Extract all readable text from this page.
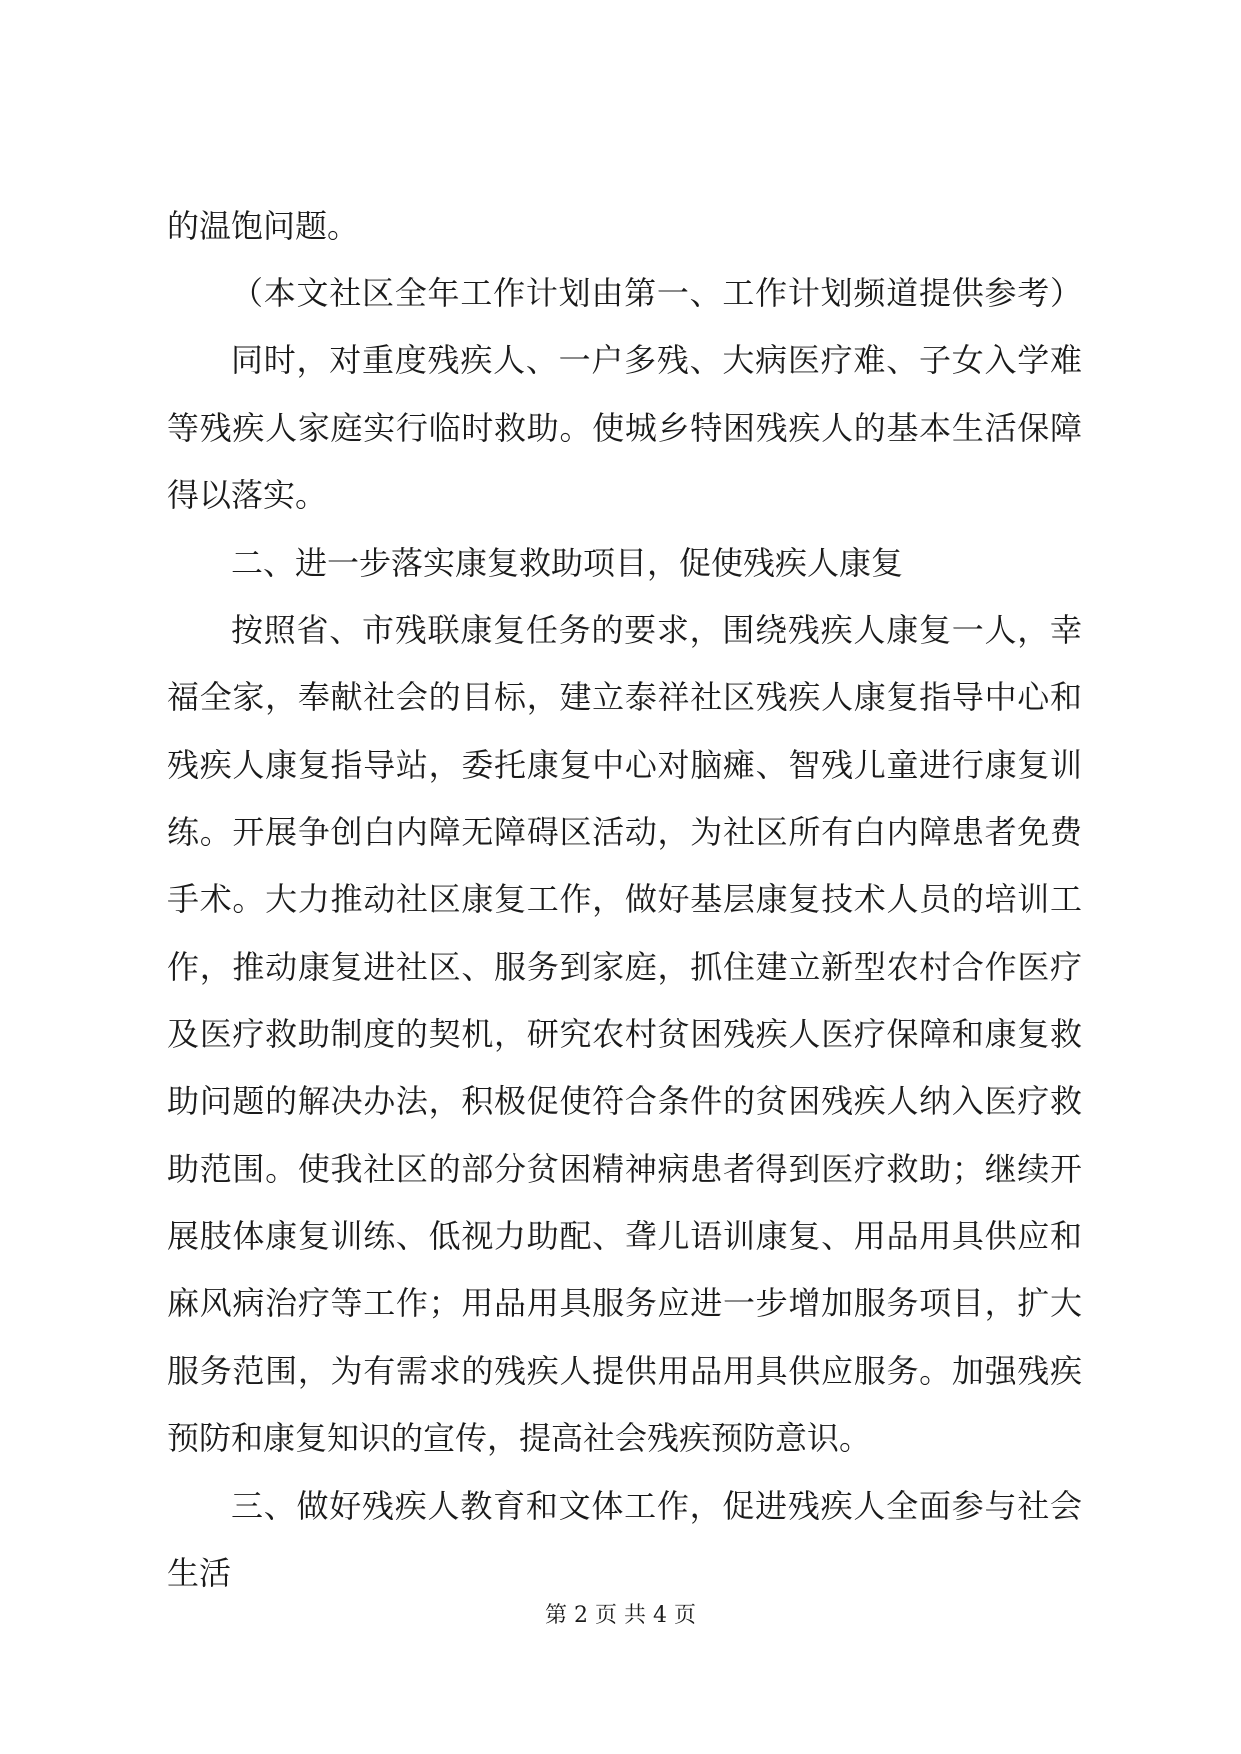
的温饱问题。
（本文社区全年工作计划由第一、工作计划频道提供参考）
同时，对重度残疾人、一户多残、大病医疗难、子女入学难
等残疾人家庭实行临时救助。使城乡特困残疾人的基本生活保障
得以落实。
二、进一步落实康复救助项目，促使残疾人康复
按照省、市残联康复任务的要求，围绕残疾人康复一人，幸
福全家，奉献社会的目标，建立泰祥社区残疾人康复指导中心和
残疾人康复指导站，委托康复中心对脑瘫、智残儿童进行康复训
练。开展争创白内障无障碍区活动，为社区所有白内障患者免费
手术。大力推动社区康复工作，做好基层康复技术人员的培训工
作，推动康复进社区、服务到家庭，抓住建立新型农村合作医疗
及医疗救助制度的契机，研究农村贫困残疾人医疗保障和康复救
助问题的解决办法，积极促使符合条件的贫困残疾人纳入医疗救
助范围。使我社区的部分贫困精神病患者得到医疗救助；继续开
展肢体康复训练、低视力助配、聋儿语训康复、用品用具供应和
麻风病治疗等工作；用品用具服务应进一步增加服务项目，扩大
服务范围，为有需求的残疾人提供用品用具供应服务。加强残疾
预防和康复知识的宣传，提高社会残疾预防意识。
三、做好残疾人教育和文体工作，促进残疾人全面参与社会
生活
第 2 页 共 4 页
